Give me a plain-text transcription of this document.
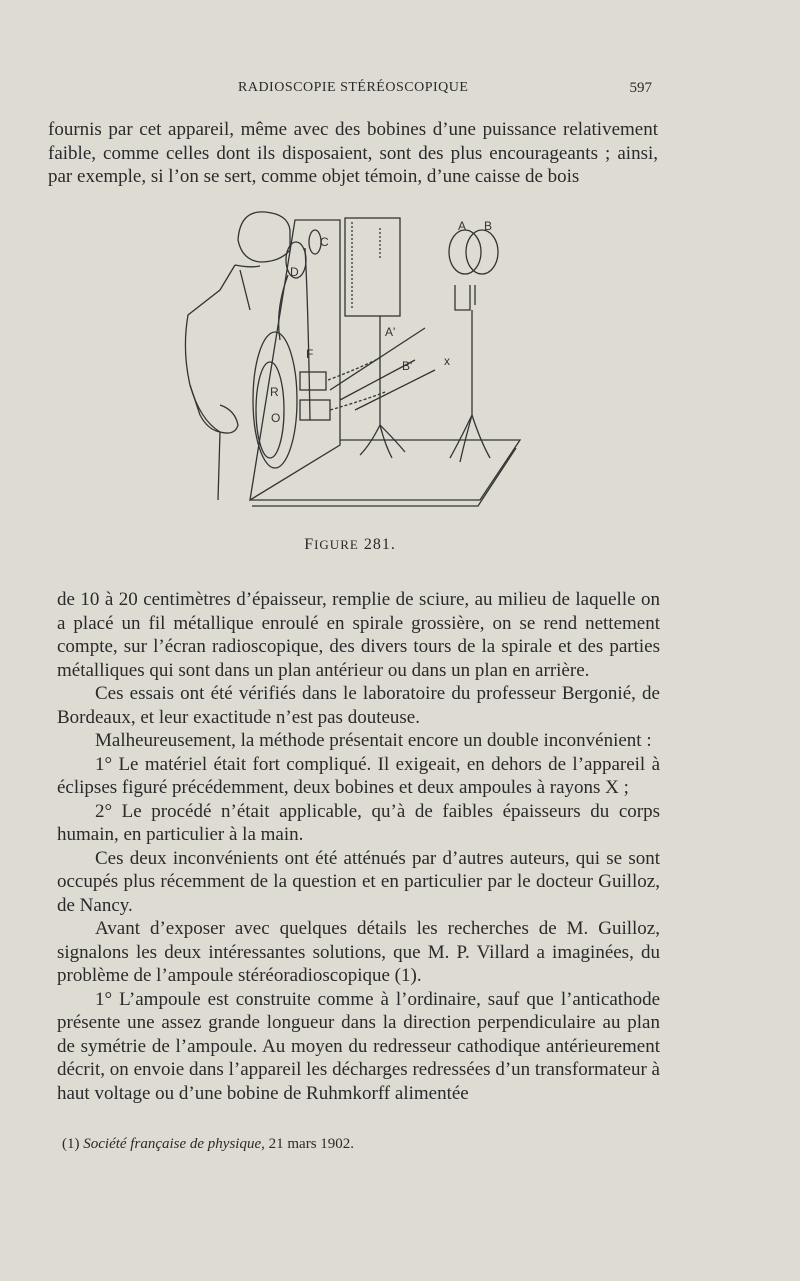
RADIOSCOPIE STÉRÉOSCOPIQUE	597

fournis par cet appareil, même avec des bobines d’une puissance relativement faible, comme celles dont ils disposaient, sont des plus encourageants ; ainsi, par exemple, si l’on se sert, comme objet témoin, d’une caisse de bois

A B
D
C
F
R
O
A'
B'	x
FIGURE 281.

de 10 à 20 centimètres d’épaisseur, remplie de sciure, au milieu de laquelle on a placé un fil métallique enroulé en spirale grossière, on se rend nettement compte, sur l’écran radioscopique, des divers tours de la spirale et des parties métalliques qui sont dans un plan antérieur ou dans un plan en arrière.

Ces essais ont été vérifiés dans le laboratoire du professeur Bergonié, de Bordeaux, et leur exactitude n’est pas douteuse.

Malheureusement, la méthode présentait encore un double inconvénient :

1° Le matériel était fort compliqué. Il exigeait, en dehors de l’appareil à éclipses figuré précédemment, deux bobines et deux ampoules à rayons X ;

2° Le procédé n’était applicable, qu’à de faibles épaisseurs du corps humain, en particulier à la main.

Ces deux inconvénients ont été atténués par d’autres auteurs, qui se sont occupés plus récemment de la question et en particulier par le docteur Guilloz, de Nancy.

Avant d’exposer avec quelques détails les recherches de M. Guilloz, signalons les deux intéressantes solutions, que M. P. Villard a imaginées, du problème de l’ampoule stéréoradioscopique (1).

1° L’ampoule est construite comme à l’ordinaire, sauf que l’anticathode présente une assez grande longueur dans la direction perpendiculaire au plan de symétrie de l’ampoule. Au moyen du redresseur cathodique antérieurement décrit, on envoie dans l’appareil les décharges redressées d’un transformateur à haut voltage ou d’une bobine de Ruhmkorff alimentée

(1) Société française de physique, 21 mars 1902.
